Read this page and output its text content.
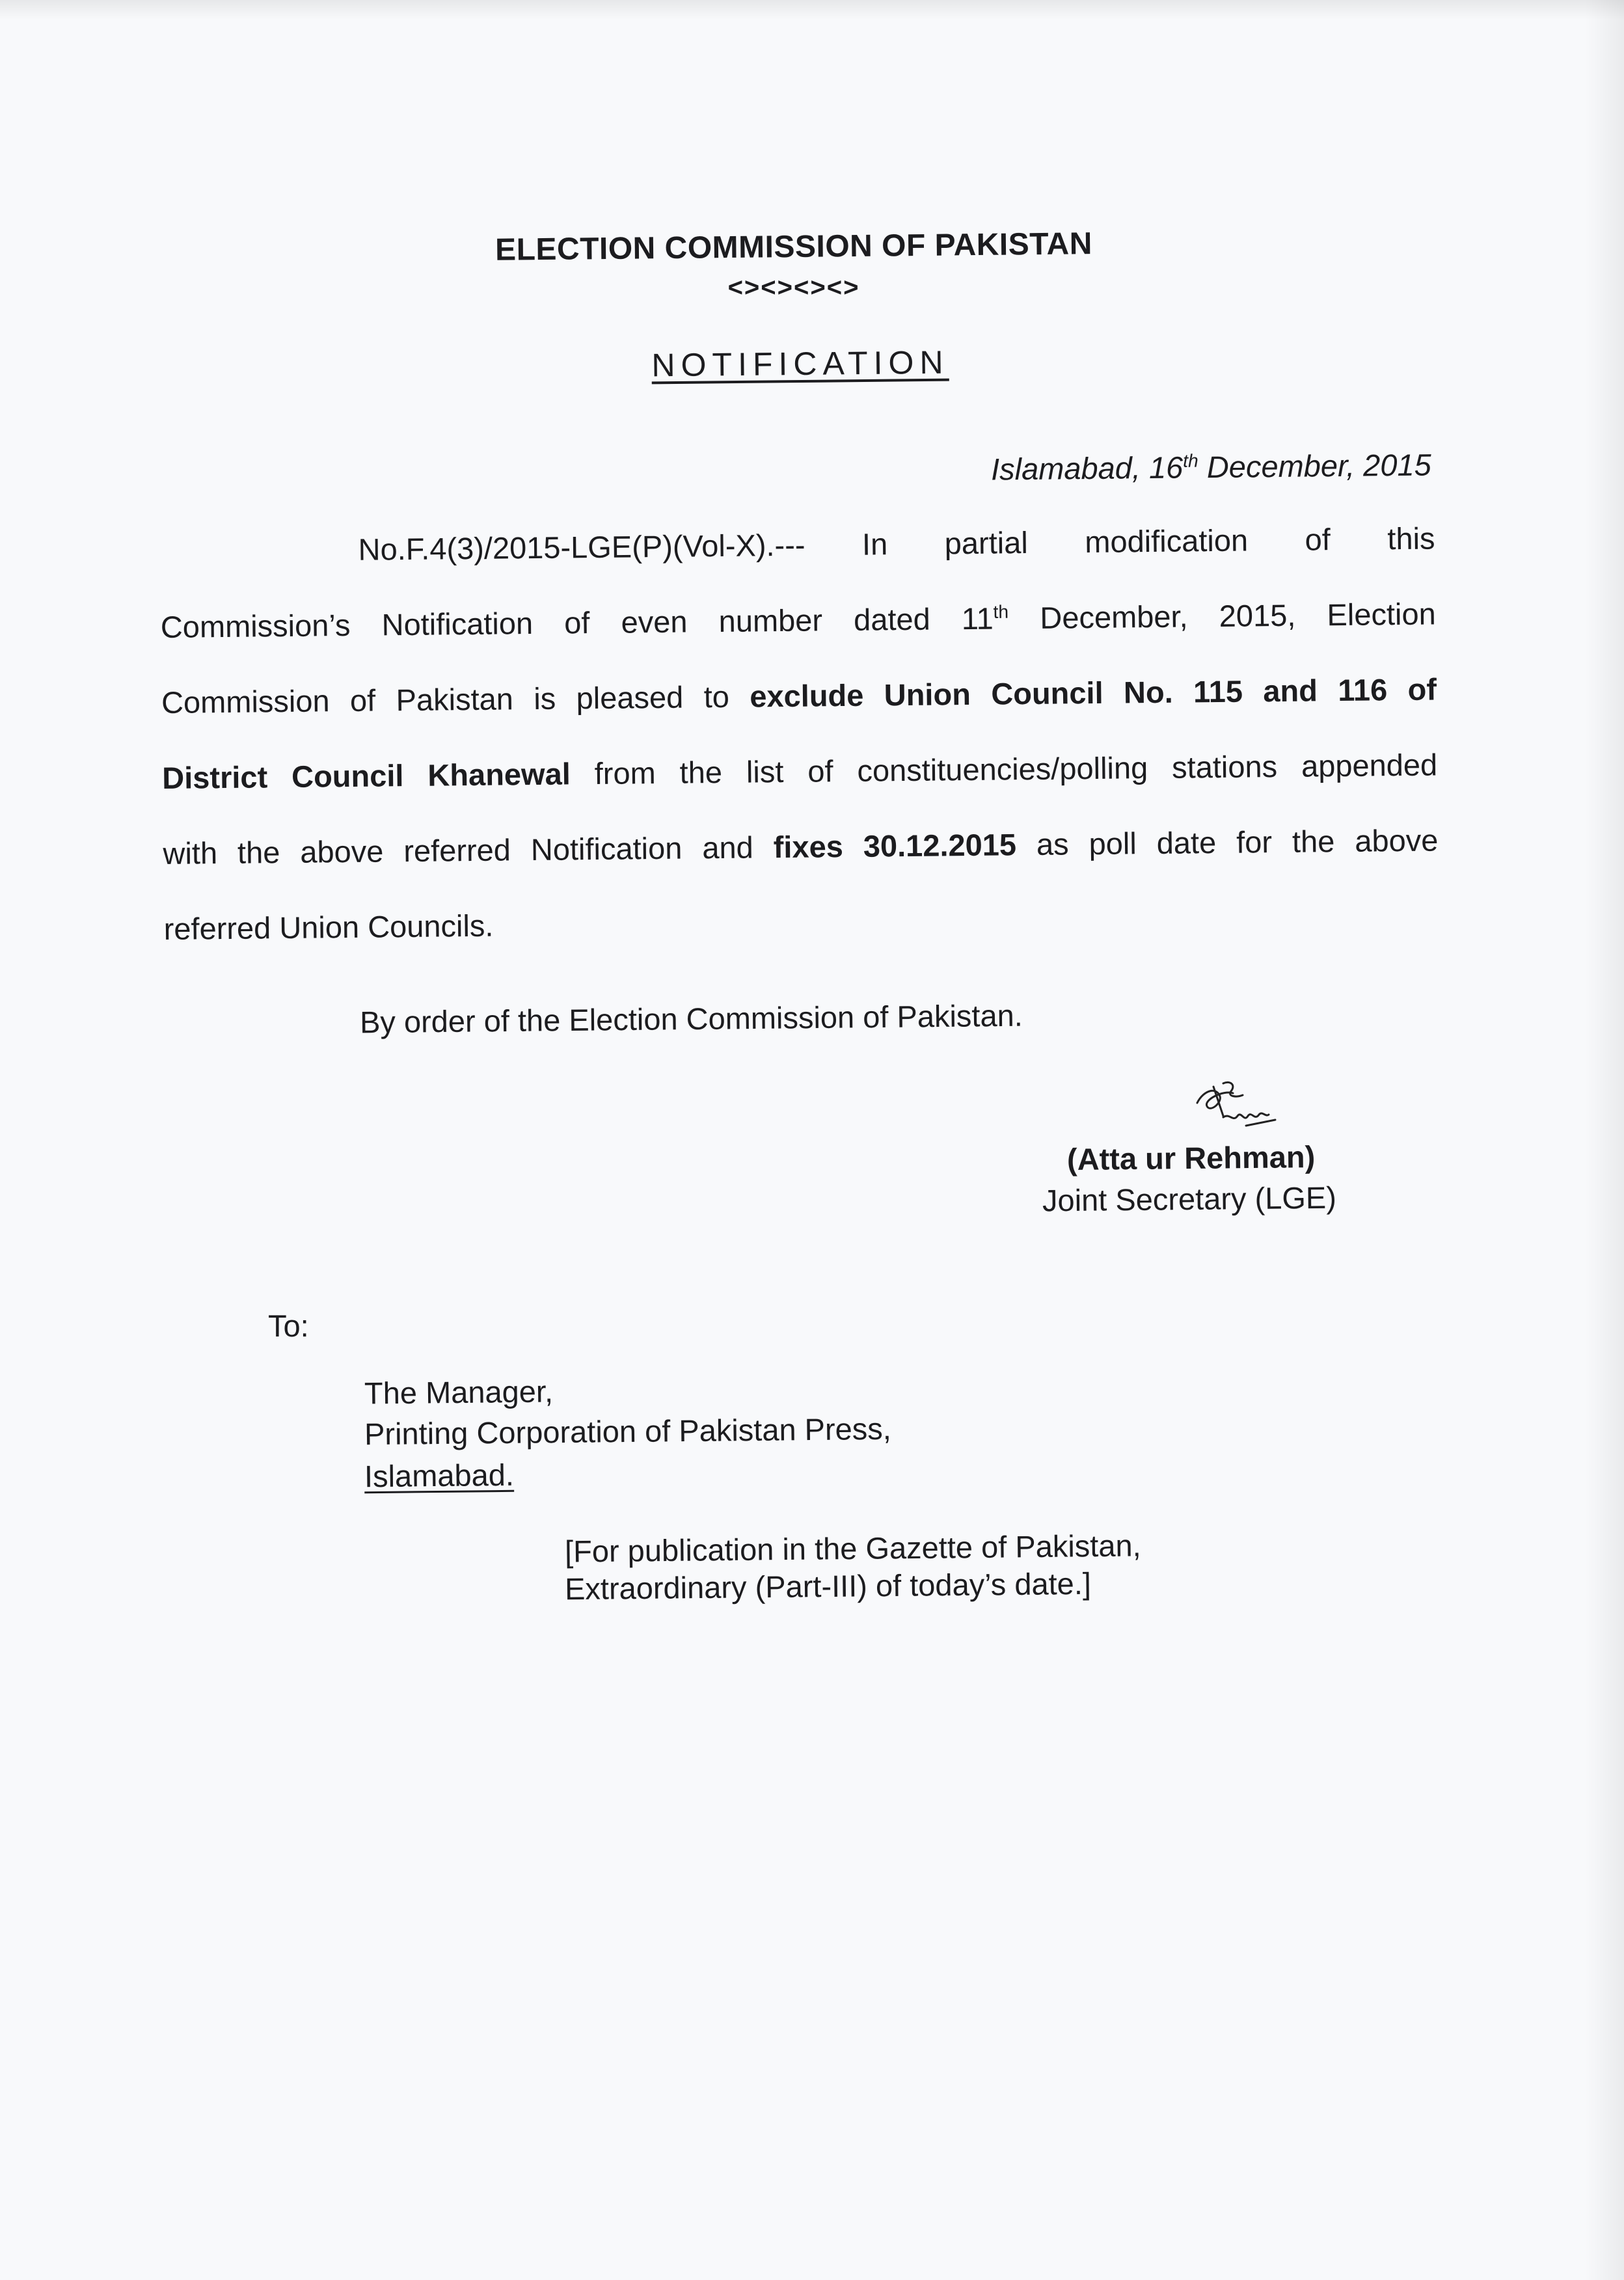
ELECTION COMMISSION OF PAKISTAN
<><><><>
NOTIFICATION
Islamabad, 16th December, 2015
No.F.4(3)/2015-LGE(P)(Vol-X).--- In partial modification of this
Commission’s Notification of even number dated 11th December, 2015, Election
Commission of Pakistan is pleased to exclude Union Council No. 115 and 116 of
District Council Khanewal from the list of constituencies/polling stations appended
with the above referred Notification and fixes 30.12.2015 as poll date for the above
referred Union Councils.
By order of the Election Commission of Pakistan.
(Atta ur Rehman)
Joint Secretary (LGE)
To:
The Manager,
Printing Corporation of Pakistan Press,
Islamabad.
[For publication in the Gazette of Pakistan,
Extraordinary (Part-III) of today’s date.]
